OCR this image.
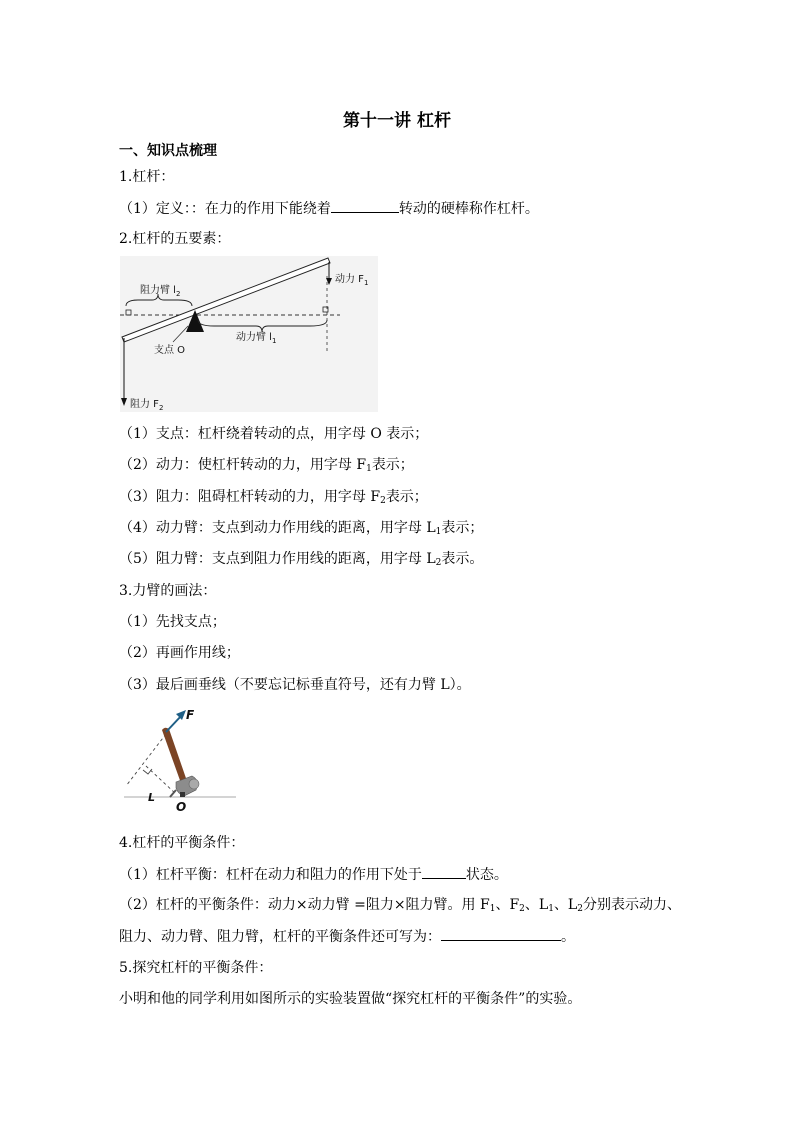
第十一讲 杠杆
一、知识点梳理
1.杠杆：
（1）定义：：在力的作用下能绕着	转动的硬棒称作杠杆。
2.杠杆的五要素：
阻力臂 $l_2$
动力 $F_1$
动力臂 $l_1$
支点 O
阻力 $F_2$
（1）支点：杠杆绕着转动的点，用字母 O 表示；
（2）动力：使杠杆转动的力，用字母 $F_1$表示；
（3）阻力：阻碍杠杆转动的力，用字母 $F_2$表示；
（4）动力臂：支点到动力作用线的距离，用字母 $L_1$表示；
（5）阻力臂：支点到阻力作用线的距离，用字母 $L_2$表示。
3.力臂的画法：
（1）先找支点；
（2）再画作用线；
（3）最后画垂线（不要忘记标垂直符号，还有力臂 L）。
F
L
O
4.杠杆的平衡条件：
（1）杠杆平衡：杠杆在动力和阻力的作用下处于	状态。
（2）杠杆的平衡条件：动力×动力臂 =阻力×阻力臂。用 $F_1$、$F_2$、$L_1$、$L_2$分别表示动力、
阻力、动力臂、阻力臂，杠杆的平衡条件还可写为：	。
5.探究杠杆的平衡条件：
小明和他的同学利用如图所示的实验装置做“探究杠杆的平衡条件”的实验。
